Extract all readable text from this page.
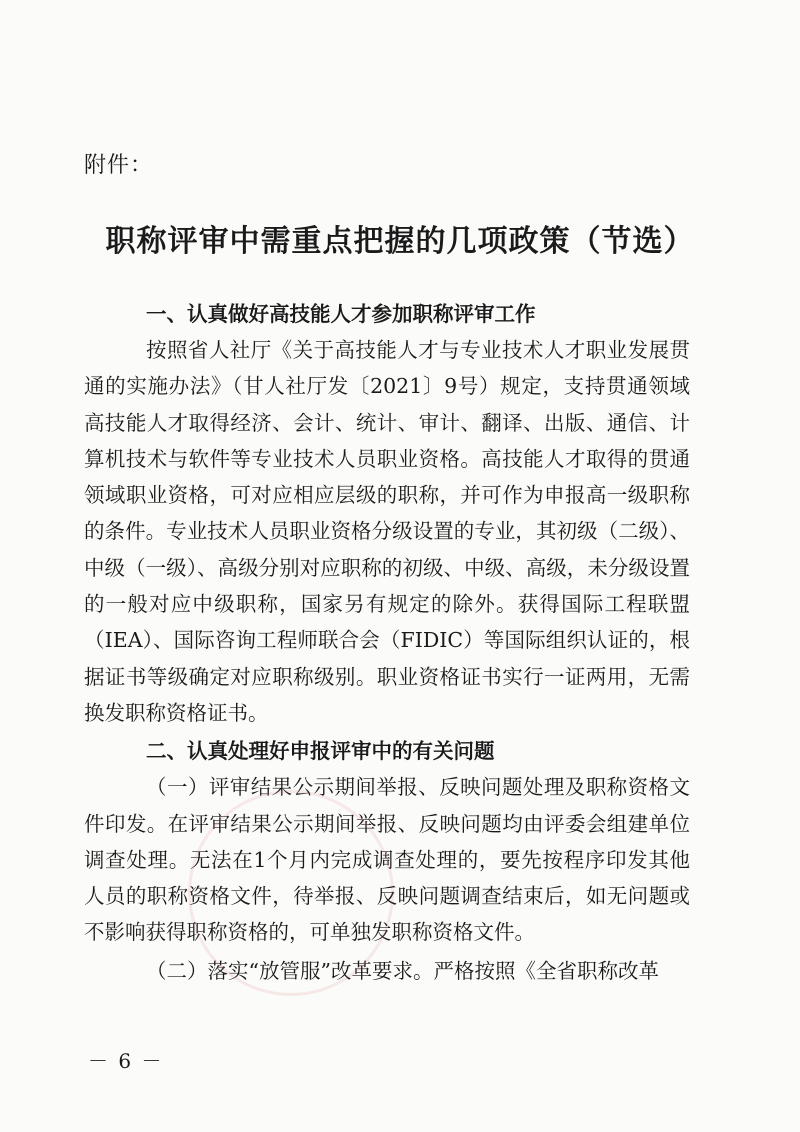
附件：
职称评审中需重点把握的几项政策（节选）

一、认真做好高技能人才参加职称评审工作

按照省人社厅《关于高技能人才与专业技术人才职业发展贯通的实施办法》（甘人社厅发〔2021〕9号）规定，支持贯通领域高技能人才取得经济、会计、统计、审计、翻译、出版、通信、计算机技术与软件等专业技术人员职业资格。高技能人才取得的贯通领域职业资格，可对应相应层级的职称，并可作为申报高一级职称的条件。专业技术人员职业资格分级设置的专业，其初级（二级）、中级（一级）、高级分别对应职称的初级、中级、高级，未分级设置的一般对应中级职称，国家另有规定的除外。获得国际工程联盟（IEA）、国际咨询工程师联合会（FIDIC）等国际组织认证的，根据证书等级确定对应职称级别。职业资格证书实行一证两用，无需换发职称资格证书。

二、认真处理好申报评审中的有关问题

（一）评审结果公示期间举报、反映问题处理及职称资格文件印发。在评审结果公示期间举报、反映问题均由评委会组建单位调查处理。无法在1个月内完成调查处理的，要先按程序印发其他人员的职称资格文件，待举报、反映问题调查结束后，如无问题或不影响获得职称资格的，可单独发职称资格文件。

（二）落实“放管服”改革要求。严格按照《全省职称改革

－ 6 －
